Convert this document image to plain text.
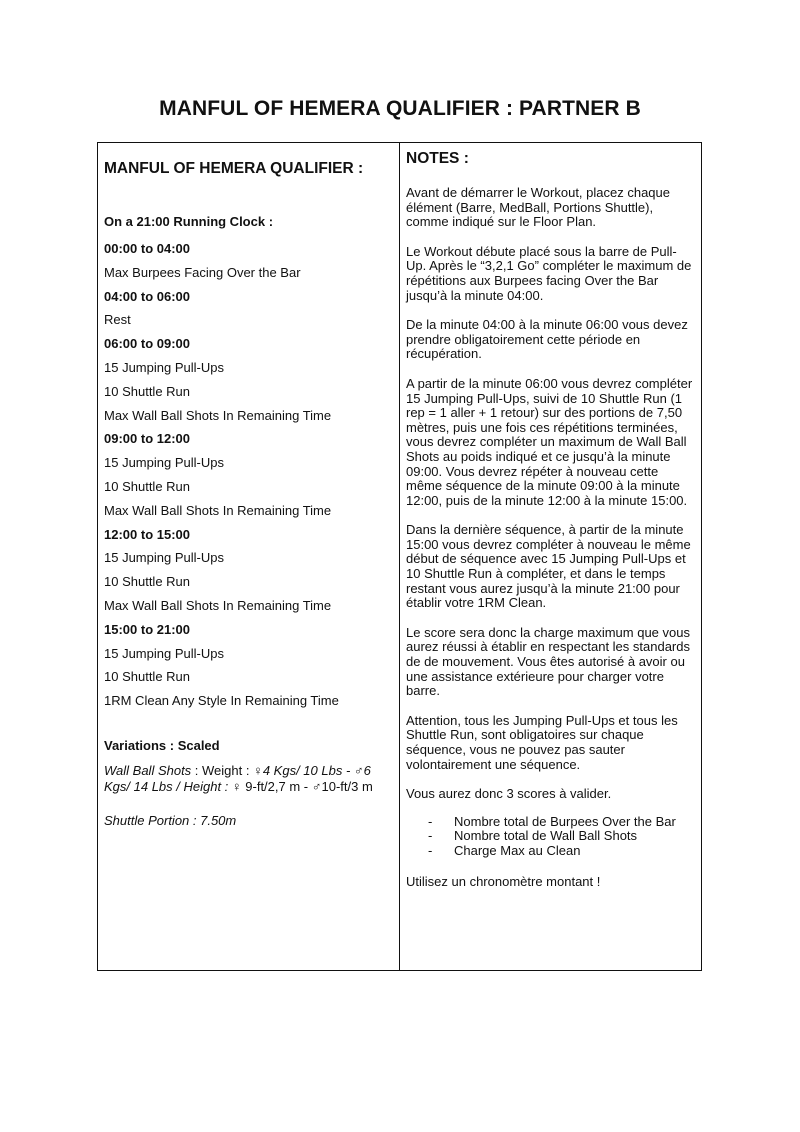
MANFUL OF HEMERA QUALIFIER : PARTNER B
MANFUL OF HEMERA QUALIFIER :
On a 21:00 Running Clock :
00:00 to 04:00
Max Burpees Facing Over the Bar
04:00 to 06:00
Rest
06:00 to 09:00
15 Jumping Pull-Ups
10 Shuttle Run
Max Wall Ball Shots In Remaining Time
09:00 to 12:00
15 Jumping Pull-Ups
10 Shuttle Run
Max Wall Ball Shots In Remaining Time
12:00 to 15:00
15 Jumping Pull-Ups
10 Shuttle Run
Max Wall Ball Shots In Remaining Time
15:00 to 21:00
15 Jumping Pull-Ups
10 Shuttle Run
1RM Clean Any Style In Remaining Time
Variations : Scaled
Wall Ball Shots : Weight : ♀4 Kgs/ 10 Lbs - ♂6 Kgs/ 14 Lbs / Height : ♀ 9-ft/2,7 m - ♂10-ft/3 m
Shuttle Portion : 7.50m
NOTES :
Avant de démarrer le Workout, placez chaque élément (Barre, MedBall, Portions Shuttle), comme indiqué sur le Floor Plan.
Le Workout débute placé sous la barre de Pull-Up. Après le “3,2,1 Go” compléter le maximum de répétitions aux Burpees facing Over the Bar jusqu’à la minute 04:00.
De la minute 04:00 à la minute 06:00 vous devez prendre obligatoirement cette période en récupération.
A partir de la minute 06:00 vous devrez compléter 15 Jumping Pull-Ups, suivi de 10 Shuttle Run (1 rep = 1 aller + 1 retour) sur des portions de 7,50 mètres, puis une fois ces répétitions terminées, vous devrez compléter un maximum de Wall Ball Shots au poids indiqué et ce jusqu’à la minute 09:00. Vous devrez répéter à nouveau cette même séquence de la minute 09:00 à la minute 12:00, puis de la minute 12:00 à la minute 15:00.
Dans la dernière séquence, à partir de la minute 15:00 vous devrez compléter à nouveau le même début de séquence avec 15 Jumping Pull-Ups et 10 Shuttle Run à compléter, et dans le temps restant vous aurez jusqu’à la minute 21:00 pour établir votre 1RM Clean.
Le score sera donc la charge maximum que vous aurez réussi à établir en respectant les standards de de mouvement. Vous êtes autorisé à avoir ou une assistance extérieure pour charger votre barre.
Attention, tous les Jumping Pull-Ups et tous les Shuttle Run, sont obligatoires sur chaque séquence, vous ne pouvez pas sauter volontairement une séquence.
Vous aurez donc 3 scores à valider.
-	Nombre total de Burpees Over the Bar
-	Nombre total de Wall Ball Shots
-	Charge Max au Clean
Utilisez un chronomètre montant !
